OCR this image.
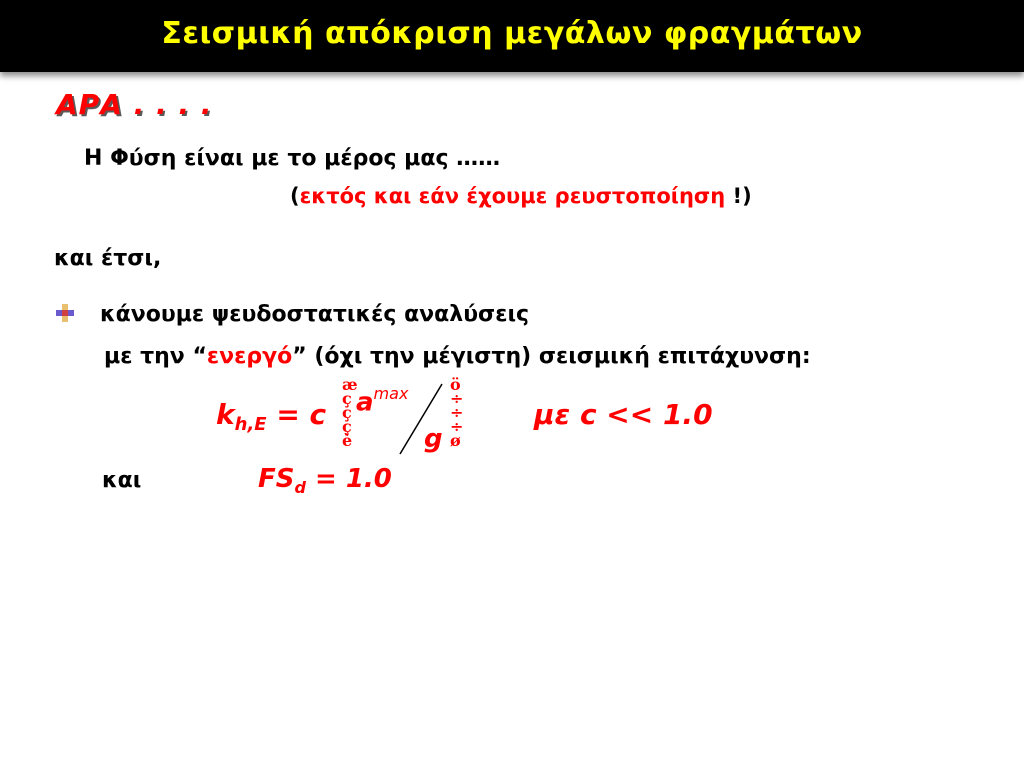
Σεισμική απόκριση μεγάλων φραγμάτων
ΑΡΑ . . . .
Η Φύση είναι με το μέρος μας ……
(εκτός και εάν έχουμε ρευστοποίηση !)
και έτσι,
κάνουμε ψευδοστατικές αναλύσεις
με την “ενεργό” (όχι την μέγιστη) σεισμική επιτάχυνση:
$k_{h,E} = c$
æ
ç
ç
ç
è
$a^{max}$
g
ö
÷
÷
÷
ø
με c << 1.0
και	$FS_d = 1.0$
